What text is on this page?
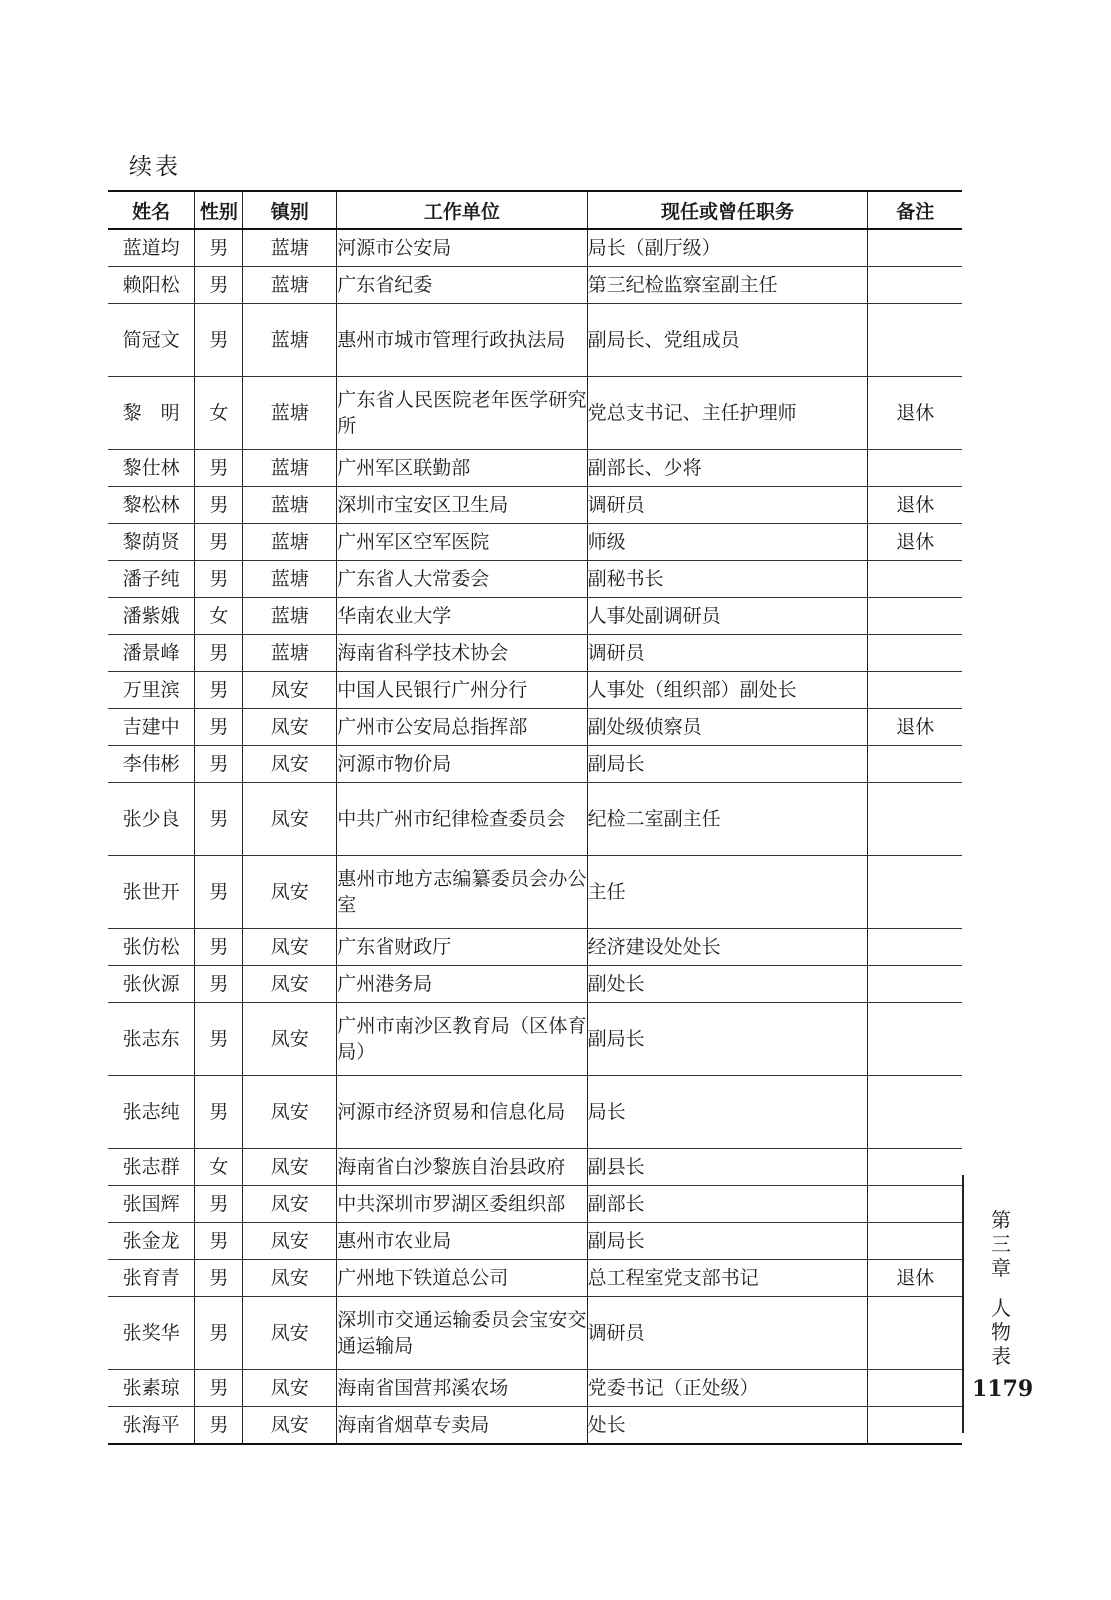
续表
姓名	性别	镇别	工作单位	现任或曾任职务	备注
蓝道均	男	蓝塘	河源市公安局	局长（副厅级）	
赖阳松	男	蓝塘	广东省纪委	第三纪检监察室副主任	
简冠文	男	蓝塘	惠州市城市管理行政执法局	副局长、党组成员	
黎　明	女	蓝塘	广东省人民医院老年医学研究所	党总支书记、主任护理师	退休
黎仕林	男	蓝塘	广州军区联勤部	副部长、少将	
黎松林	男	蓝塘	深圳市宝安区卫生局	调研员	退休
黎荫贤	男	蓝塘	广州军区空军医院	师级	退休
潘子纯	男	蓝塘	广东省人大常委会	副秘书长	
潘紫娥	女	蓝塘	华南农业大学	人事处副调研员	
潘景峰	男	蓝塘	海南省科学技术协会	调研员	
万里滨	男	凤安	中国人民银行广州分行	人事处（组织部）副处长	
吉建中	男	凤安	广州市公安局总指挥部	副处级侦察员	退休
李伟彬	男	凤安	河源市物价局	副局长	
张少良	男	凤安	中共广州市纪律检查委员会	纪检二室副主任	
张世开	男	凤安	惠州市地方志编纂委员会办公室	主任	
张仿松	男	凤安	广东省财政厅	经济建设处处长	
张伙源	男	凤安	广州港务局	副处长	
张志东	男	凤安	广州市南沙区教育局（区体育局）	副局长	
张志纯	男	凤安	河源市经济贸易和信息化局	局长	
张志群	女	凤安	海南省白沙黎族自治县政府	副县长	
张国辉	男	凤安	中共深圳市罗湖区委组织部	副部长	
张金龙	男	凤安	惠州市农业局	副局长	
张育青	男	凤安	广州地下铁道总公司	总工程室党支部书记	退休
张奖华	男	凤安	深圳市交通运输委员会宝安交通运输局	调研员	
张素琼	男	凤安	海南省国营邦溪农场	党委书记（正处级）	
张海平	男	凤安	海南省烟草专卖局	处长	
第三章
人物表
1179
